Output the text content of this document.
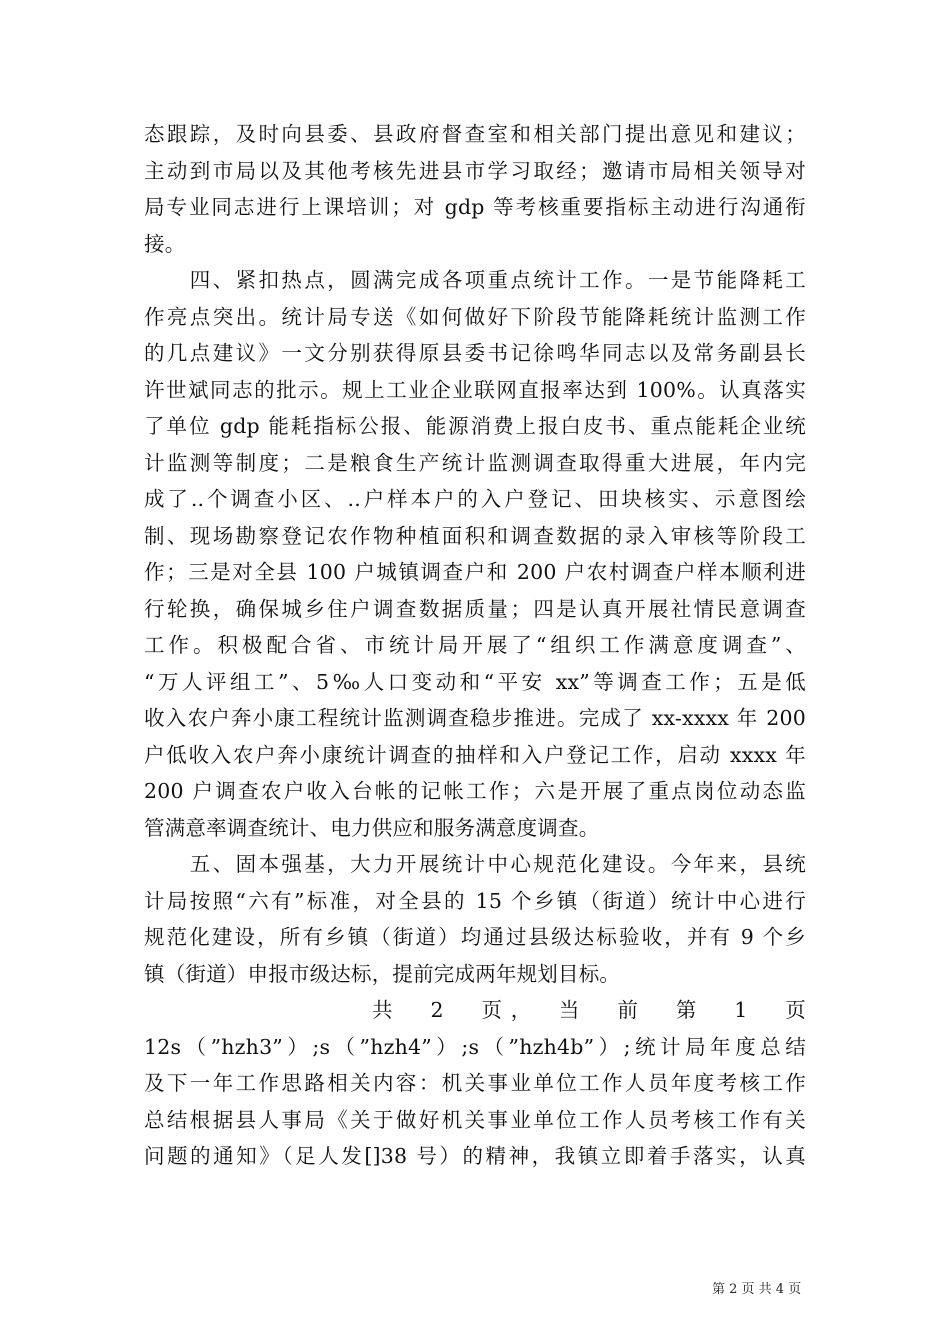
态跟踪，及时向县委、县政府督查室和相关部门提出意见和建议；
主动到市局以及其他考核先进县市学习取经；邀请市局相关领导对
局专业同志进行上课培训；对 gdp 等考核重要指标主动进行沟通衔
接。
　　四、紧扣热点，圆满完成各项重点统计工作。一是节能降耗工
作亮点突出。统计局专送《如何做好下阶段节能降耗统计监测工作
的几点建议》一文分别获得原县委书记徐鸣华同志以及常务副县长
许世斌同志的批示。规上工业企业联网直报率达到 100%。认真落实
了单位 gdp 能耗指标公报、能源消费上报白皮书、重点能耗企业统
计监测等制度；二是粮食生产统计监测调查取得重大进展，年内完
成了..个调查小区、..户样本户的入户登记、田块核实、示意图绘
制、现场勘察登记农作物种植面积和调查数据的录入审核等阶段工
作；三是对全县 100 户城镇调查户和 200 户农村调查户样本顺利进
行轮换，确保城乡住户调查数据质量；四是认真开展社情民意调查
工作。积极配合省、市统计局开展了“组织工作满意度调查”、
“万人评组工”、5‰人口变动和“平安 xx”等调查工作；五是低
收入农户奔小康工程统计监测调查稳步推进。完成了 xx-xxxx 年 200
户低收入农户奔小康统计调查的抽样和入户登记工作，启动 xxxx 年
200 户调查农户收入台帐的记帐工作；六是开展了重点岗位动态监
管满意率调查统计、电力供应和服务满意度调查。
　　五、固本强基，大力开展统计中心规范化建设。今年来，县统
计局按照“六有”标准，对全县的 15 个乡镇（街道）统计中心进行
规范化建设，所有乡镇（街道）均通过县级达标验收，并有 9 个乡
镇（街道）申报市级达标，提前完成两年规划目标。
共　2　页，　当　前　第　1　页
12s（”hzh3”）;s（”hzh4”）;s（”hzh4b”）;统计局年度总结
及下一年工作思路相关内容：机关事业单位工作人员年度考核工作
总结根据县人事局《关于做好机关事业单位工作人员考核工作有关
问题的通知》（足人发[]38 号）的精神，我镇立即着手落实，认真
第 2 页 共 4 页
